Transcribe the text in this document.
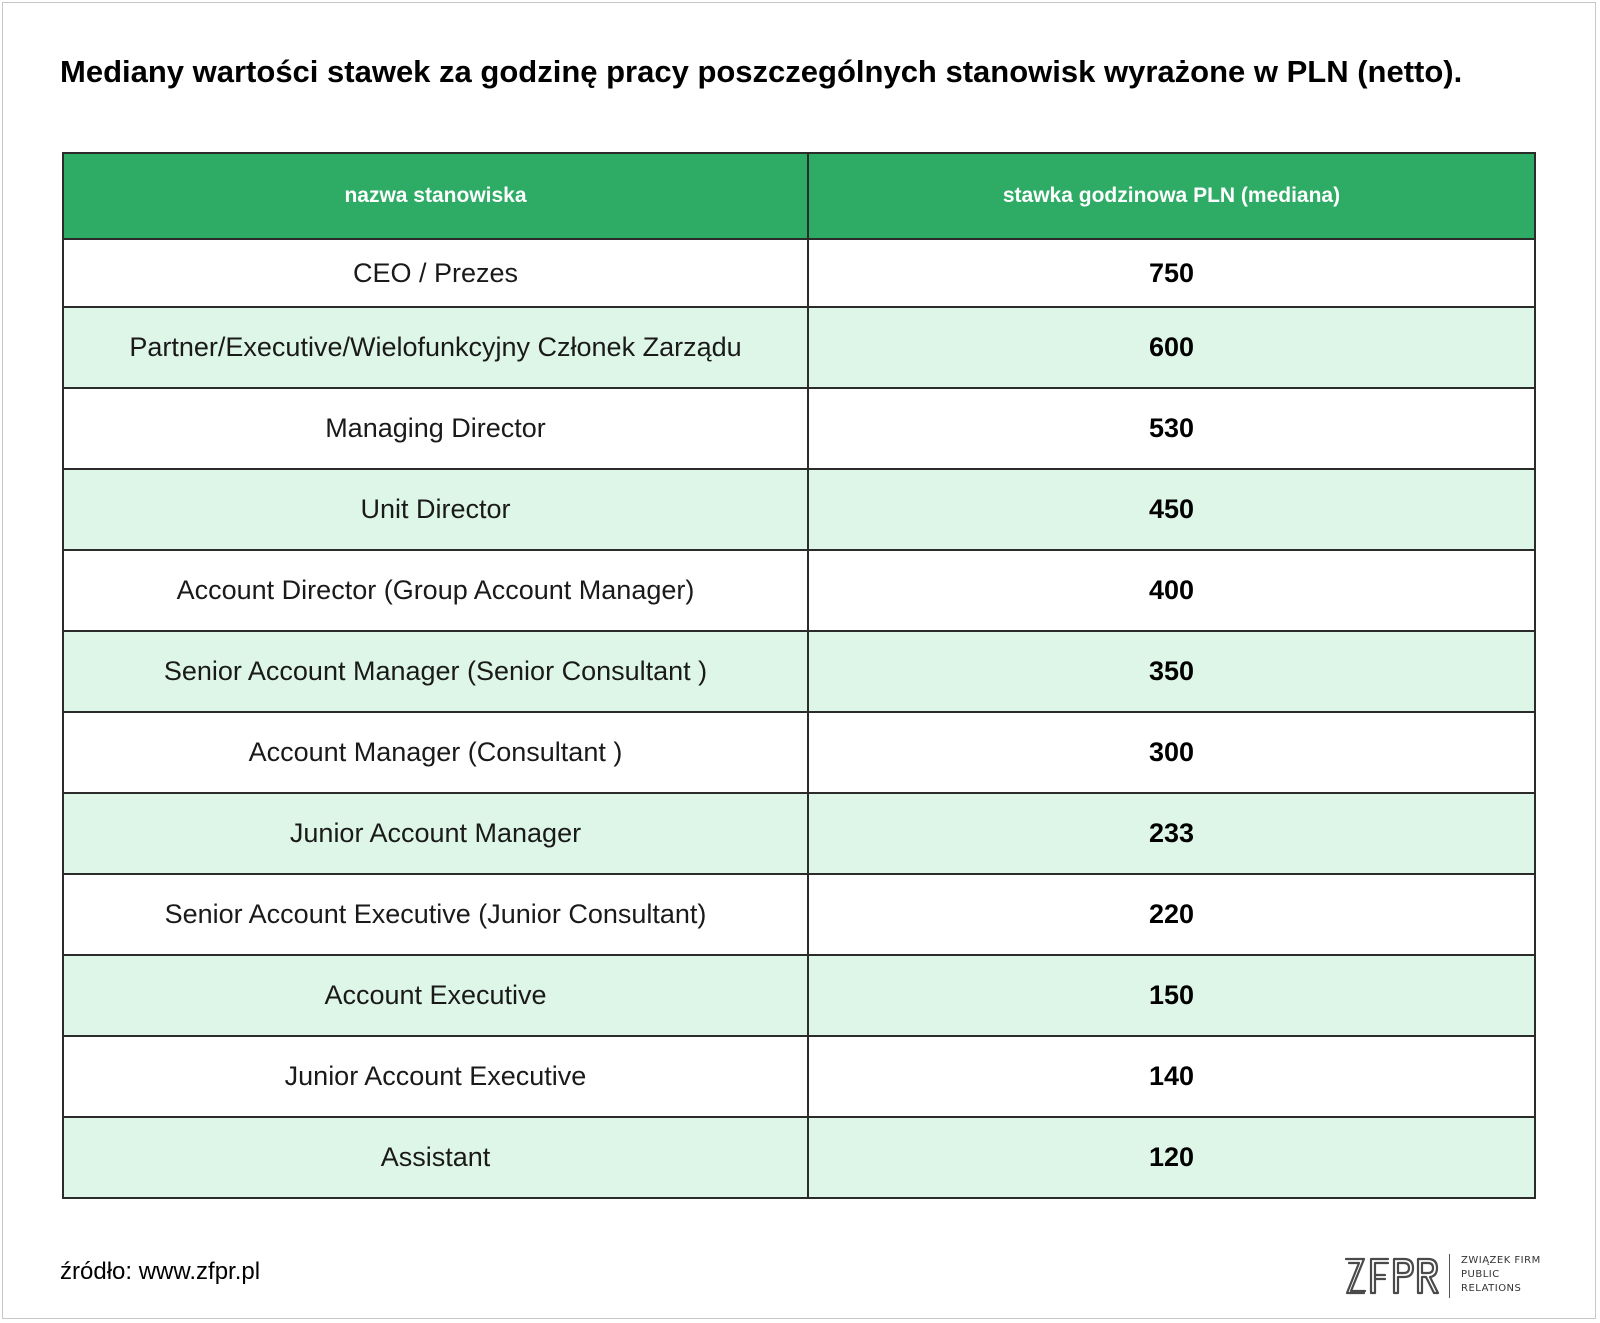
Mediany wartości stawek za godzinę pracy poszczególnych stanowisk wyrażone w PLN (netto).
nazwa stanowiska	stawka godzinowa PLN (mediana)
CEO / Prezes	750
Partner/Executive/Wielofunkcyjny Członek Zarządu	600
Managing Director	530
Unit Director	450
Account Director (Group Account Manager)	400
Senior Account Manager (Senior Consultant )	350
Account Manager (Consultant )	300
Junior Account Manager	233
Senior Account Executive (Junior Consultant)	220
Account Executive	150
Junior Account Executive	140
Assistant	120
źródło: www.zfpr.pl	ZWIĄZEK FIRM
PUBLIC
RELATIONS
